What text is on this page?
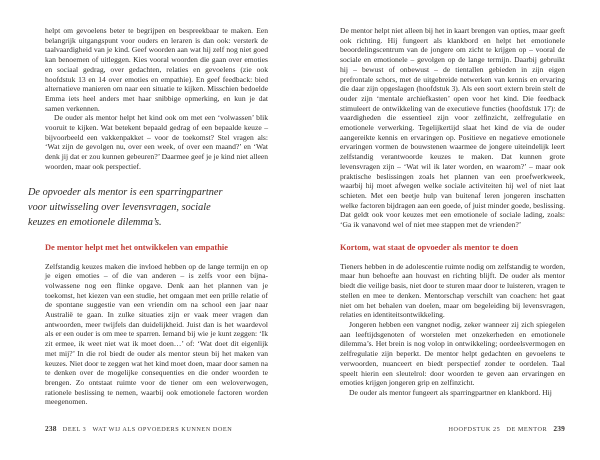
helpt om gevoelens beter te begrijpen en bespreekbaar te maken. Een belangrijk uitgangspunt voor ouders en leraren is dan ook: versterk de taalvaardigheid van je kind. Geef woorden aan wat hij zelf nog niet goed kan benoemen of uitleggen. Kies vooral woorden die gaan over emoties en sociaal gedrag, over gedachten, relaties en gevoelens (zie ook hoofdstuk 13 en 14 over emoties en empathie). En geef feedback: bied alternatieve manieren om naar een situatie te kijken. Misschien bedoelde Emma iets heel anders met haar snibbige opmerking, en kun je dat samen verkennen.

De ouder als mentor helpt het kind ook om met een ‘volwassen’ blik vooruit te kijken. Wat betekent bepaald gedrag of een bepaalde keuze – bijvoorbeeld een vakkenpakket – voor de toekomst? Stel vragen als: ‘Wat zijn de gevolgen nu, over een week, of over een maand?’ en ‘Wat denk jij dat er zou kunnen gebeuren?’ Daarmee geef je je kind niet alleen woorden, maar ook perspectief.

De opvoeder als mentor is een sparringpartner voor uitwisseling over levensvragen, sociale keuzes en emotionele dilemma’s.
De mentor helpt met het ontwikkelen van empathie

Zelfstandig keuzes maken die invloed hebben op de lange termijn en op je eigen emoties – of die van anderen – is zelfs voor een bijna-volwassene nog een flinke opgave. Denk aan het plannen van je toekomst, het kiezen van een studie, het omgaan met een prille relatie of de spontane suggestie van een vriendin om na school een jaar naar Australië te gaan. In zulke situaties zijn er vaak meer vragen dan antwoorden, meer twijfels dan duidelijkheid. Juist dan is het waardevol als er een ouder is om mee te sparren. Iemand bij wie je kunt zeggen: ‘Ik zit ermee, ik weet niet wat ik moet doen…’ of: ‘Wat doet dit eigenlijk met mij?’ In die rol biedt de ouder als mentor steun bij het maken van keuzes. Niet door te zeggen wat het kind moet doen, maar door samen na te denken over de mogelijke consequenties en die onder woorden te brengen. Zo ontstaat ruimte voor de tiener om een weloverwogen, rationele beslissing te nemen, waarbij ook emotionele factoren worden meegenomen.

De mentor helpt niet alleen bij het in kaart brengen van opties, maar geeft ook richting. Hij fungeert als klankbord en helpt het emotionele beoordelingscentrum van de jongere om zicht te krijgen op – vooral de sociale en emotionele – gevolgen op de lange termijn. Daarbij gebruikt hij – bewust of onbewust – de tientallen gebieden in zijn eigen prefrontale schors, met de uitgebreide netwerken van kennis en ervaring die daar zijn opgeslagen (hoofdstuk 3). Als een soort extern brein stelt de ouder zijn ‘mentale archiefkasten’ open voor het kind. Die feedback stimuleert de ontwikkeling van de executieve functies (hoofdstuk 17): de vaardigheden die essentieel zijn voor zelfinzicht, zelfregulatie en emotionele verwerking. Tegelijkertijd slaat het kind de via de ouder aangereikte kennis en ervaringen op. Positieve en negatieve emotionele ervaringen vormen de bouwstenen waarmee de jongere uiteindelijk leert zelfstandig verantwoorde keuzes te maken. Dat kunnen grote levensvragen zijn – ‘Wat wil ik later worden, en waarom?’ – maar ook praktische beslissingen zoals het plannen van een proefwerkweek, waarbij hij moet afwegen welke sociale activiteiten hij wel of niet laat schieten. Met een beetje hulp van buitenaf leren jongeren inschatten welke factoren bijdragen aan een goede, of juist minder goede, beslissing. Dat geldt ook voor keuzes met een emotionele of sociale lading, zoals: ‘Ga ik vanavond wel of niet mee stappen met de vrienden?’

Kortom, wat staat de opvoeder als mentor te doen

Tieners hebben in de adolescentie ruimte nodig om zelfstandig te worden, maar hun behoefte aan houvast en richting blijft. De ouder als mentor biedt die veilige basis, niet door te sturen maar door te luisteren, vragen te stellen en mee te denken. Mentorschap verschilt van coachen: het gaat niet om het behalen van doelen, maar om begeleiding bij levensvragen, relaties en identiteitsontwikkeling.

Jongeren hebben een vangnet nodig, zeker wanneer zij zich spiegelen aan leeftijdsgenoten of worstelen met onzekerheden en emotionele dilemma’s. Het brein is nog volop in ontwikkeling; oordeelsvermogen en zelfregulatie zijn beperkt. De mentor helpt gedachten en gevoelens te verwoorden, nuanceert en biedt perspectief zonder te oordelen. Taal speelt hierin een sleutelrol: door woorden te geven aan ervaringen en emoties krijgen jongeren grip en zelfinzicht.

De ouder als mentor fungeert als sparringpartner en klankbord. Hij

238 DEEL 3 WAT WIJ ALS OPVOEDERS KUNNEN DOEN	HOOFDSTUK 25 DE MENTOR 239
